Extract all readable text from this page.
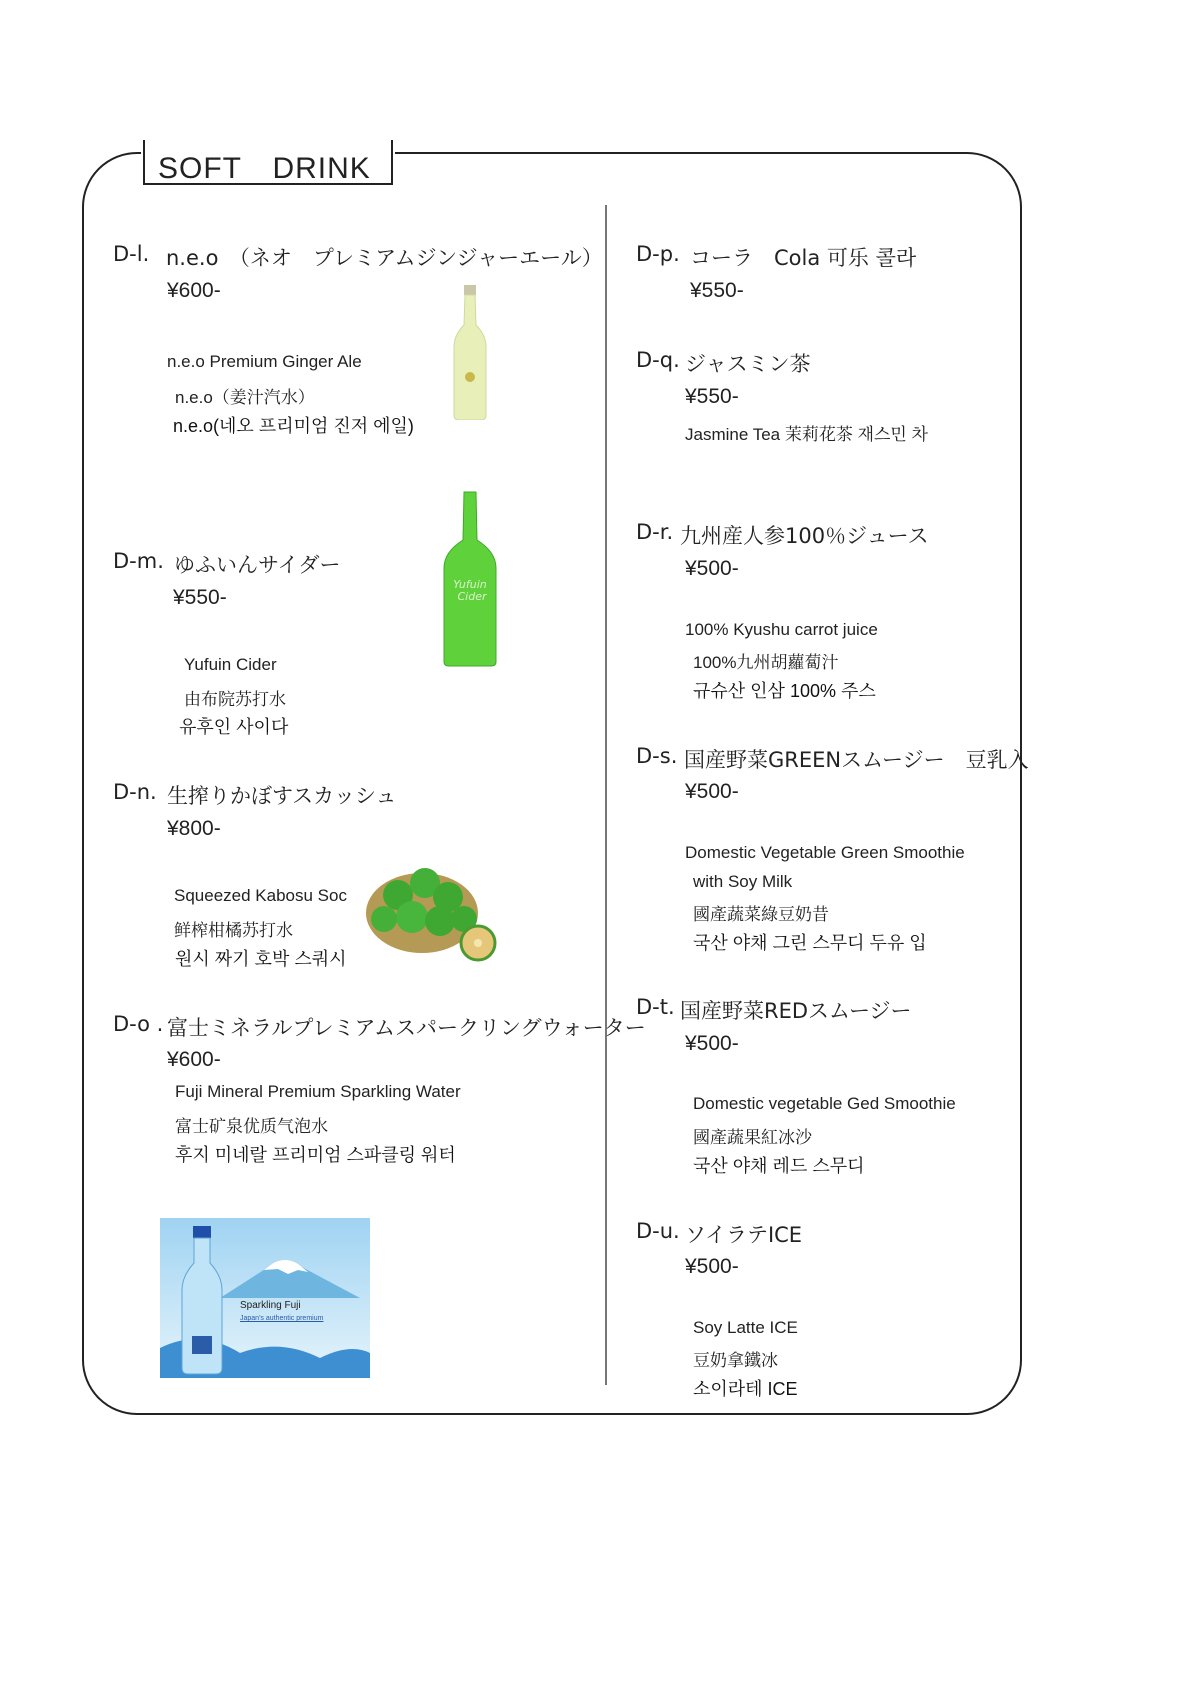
SOFT　DRINK
D-l. n.e.o　（ネオ　プレミアムジンジャーエール）
¥600-
n.e.o Premium Ginger Ale
n.e.o（姜汁汽水）
n.e.o(네오 프리미엄 진저 에일)
D-m. ゆふいんサイダー
¥550-
Yufuin Cider
由布院苏打水
유후인 사이다
Yufuin
Cider
D-n. 生搾りかぼすスカッシュ
¥800-
Squeezed Kabosu Soc
鲜榨柑橘苏打水
원시 짜기 호박 스쿼시
D-o . 富士ミネラルプレミアムスパークリングウォーター
¥600-
Fuji Mineral Premium Sparkling Water
富士矿泉优质气泡水
후지 미네랄 프리미엄 스파클링 워터
Sparkling Fuji
Japan's authentic premium
D-p. コーラ　Cola 可乐 콜라
¥550-
D-q. ジャスミン茶
¥550-
Jasmine Tea 茉莉花茶 재스민 차
D-r. 九州産人参100％ジュース
¥500-
100% Kyushu carrot juice
100%九州胡蘿蔔汁
규슈산 인삼 100% 주스
D-s. 国産野菜GREENスムージー　豆乳入
¥500-
Domestic Vegetable Green Smoothie
with Soy Milk
國產蔬菜綠豆奶昔
국산 야채 그린 스무디 두유 입
D-t. 国産野菜REDスムージー
¥500-
Domestic vegetable Ged Smoothie
國產蔬果紅冰沙
국산 야채 레드 스무디
D-u. ソイラテICE
¥500-
Soy Latte ICE
豆奶拿鐵冰
소이라테 ICE
